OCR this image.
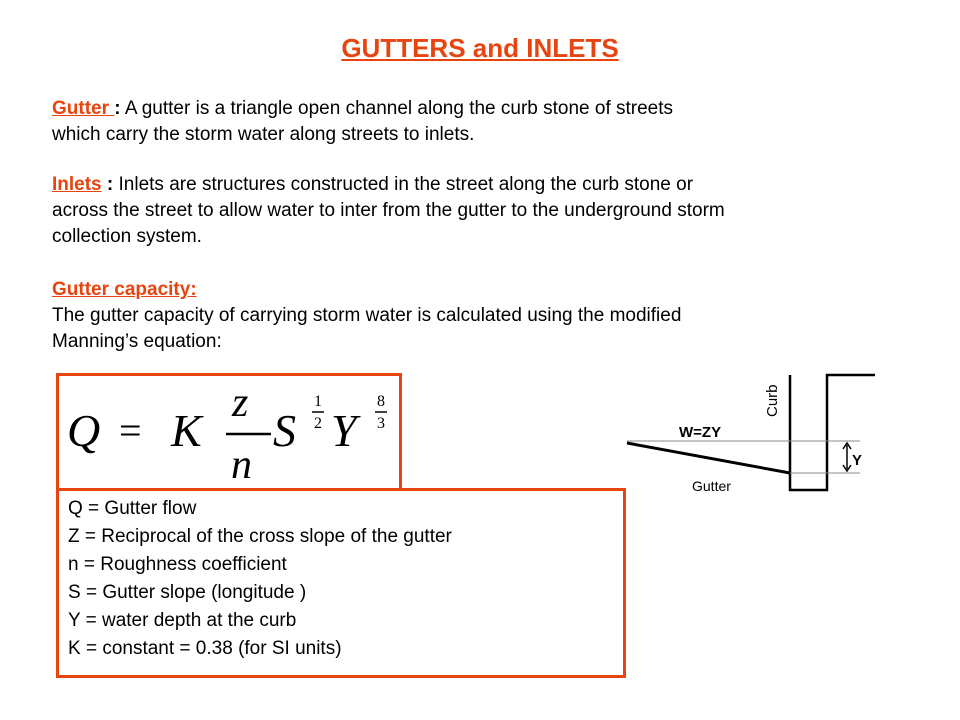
GUTTERS and INLETS
Gutter : A gutter is a triangle open channel along the curb stone of streets
which carry the storm water along streets to inlets.
Inlets : Inlets are structures constructed in the street along the curb stone or
across the street to allow water to inter from the gutter to the underground storm
collection system.
Gutter capacity:
The gutter capacity of carrying storm water is calculated using the modified
Manning’s equation:
Q = K
z
n
S
1
2 Y
8
3
Q = Gutter flow
Z = Reciprocal of the cross slope of the gutter
n = Roughness coefficient
S = Gutter slope (longitude )
Y = water depth at the curb
K = constant = 0.38 (for SI units)
Curb
W=ZY
Y
Gutter
